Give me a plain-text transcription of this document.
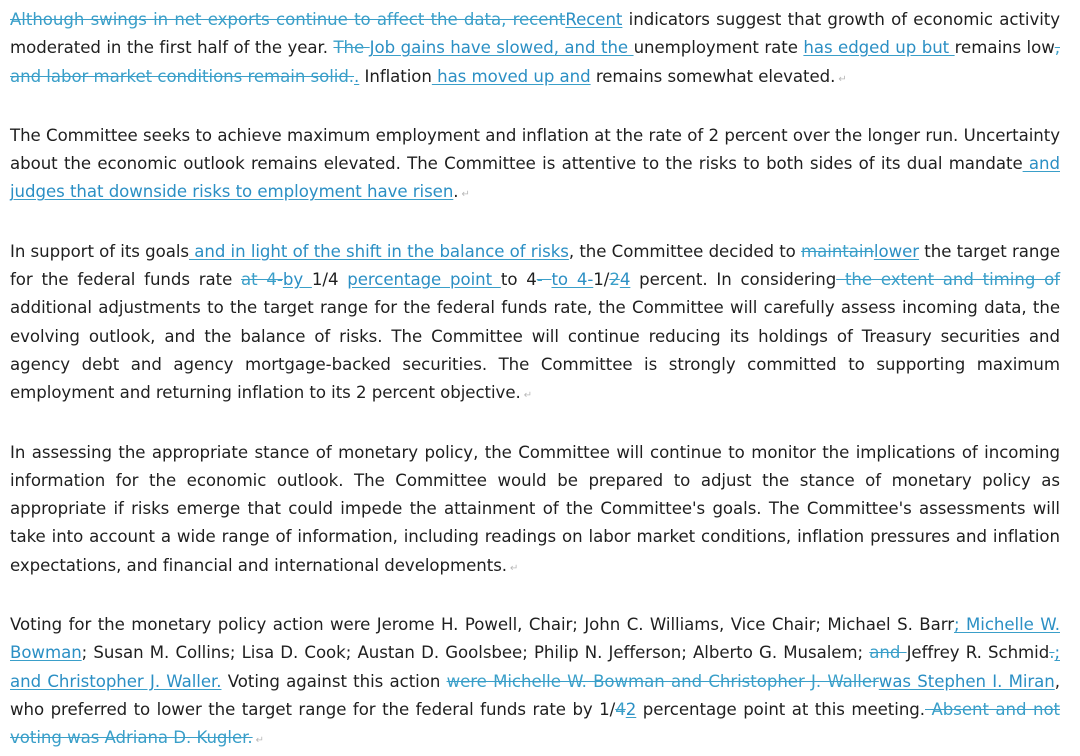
Although swings in net exports continue to affect the data, recentRecent indicators suggest that growth of economic activity moderated in the first half of the year. The Job gains have slowed, and the unemployment rate has edged up but remains low, and labor market conditions remain solid.. Inflation has moved up and remains somewhat elevated. ↵

The Committee seeks to achieve maximum employment and inflation at the rate of 2 percent over the longer run. Uncertainty about the economic outlook remains elevated. The Committee is attentive to the risks to both sides of its dual mandate and judges that downside risks to employment have risen. ↵

In support of its goals and in light of the shift in the balance of risks, the Committee decided to maintainlower the target range for the federal funds rate at 4-by 1/4 percentage point to 4- to 4-1/24 percent. In considering the extent and timing of additional adjustments to the target range for the federal funds rate, the Committee will carefully assess incoming data, the evolving outlook, and the balance of risks. The Committee will continue reducing its holdings of Treasury securities and agency debt and agency mortgage-backed securities. The Committee is strongly committed to supporting maximum employment and returning inflation to its 2 percent objective. ↵

In assessing the appropriate stance of monetary policy, the Committee will continue to monitor the implications of incoming information for the economic outlook. The Committee would be prepared to adjust the stance of monetary policy as appropriate if risks emerge that could impede the attainment of the Committee's goals. The Committee's assessments will take into account a wide range of information, including readings on labor market conditions, inflation pressures and inflation expectations, and financial and international developments. ↵

Voting for the monetary policy action were Jerome H. Powell, Chair; John C. Williams, Vice Chair; Michael S. Barr; Michelle W. Bowman; Susan M. Collins; Lisa D. Cook; Austan D. Goolsbee; Philip N. Jefferson; Alberto G. Musalem; and Jeffrey R. Schmid.; and Christopher J. Waller. Voting against this action were Michelle W. Bowman and Christopher J. Wallerwas Stephen I. Miran, who preferred to lower the target range for the federal funds rate by 1/42 percentage point at this meeting. Absent and not voting was Adriana D. Kugler. ↵
